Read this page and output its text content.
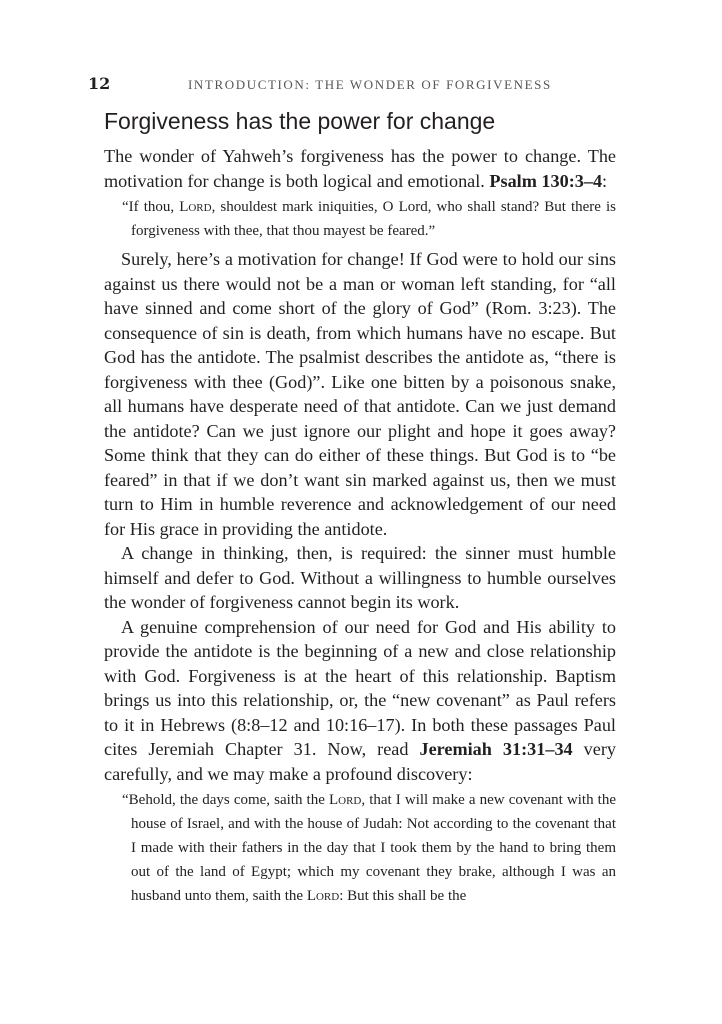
12	INTRODUCTION: THE WONDER OF FORGIVENESS
Forgiveness has the power for change

The wonder of Yahweh’s forgiveness has the power to change. The motivation for change is both logical and emotional. Psalm 130:3–4:

“If thou, Lord, shouldest mark iniquities, O Lord, who shall stand? But there is forgiveness with thee, that thou mayest be feared.”

Surely, here’s a motivation for change! If God were to hold our sins against us there would not be a man or woman left standing, for “all have sinned and come short of the glory of God” (Rom. 3:23). The consequence of sin is death, from which humans have no escape. But God has the antidote. The psalmist describes the antidote as, “there is forgiveness with thee (God)”. Like one bitten by a poisonous snake, all humans have desperate need of that antidote. Can we just demand the antidote? Can we just ignore our plight and hope it goes away? Some think that they can do either of these things. But God is to “be feared” in that if we don’t want sin marked against us, then we must turn to Him in humble reverence and acknowledgement of our need for His grace in providing the antidote.

A change in thinking, then, is required: the sinner must humble himself and defer to God. Without a willingness to humble ourselves the wonder of forgiveness cannot begin its work.

A genuine comprehension of our need for God and His ability to provide the antidote is the beginning of a new and close relationship with God. Forgiveness is at the heart of this relationship. Baptism brings us into this relationship, or, the “new covenant” as Paul refers to it in Hebrews (8:8–12 and 10:16–17). In both these passages Paul cites Jeremiah Chapter 31. Now, read Jeremiah 31:31–34 very carefully, and we may make a profound discovery:

“Behold, the days come, saith the Lord, that I will make a new covenant with the house of Israel, and with the house of Judah: Not according to the covenant that I made with their fathers in the day that I took them by the hand to bring them out of the land of Egypt; which my covenant they brake, although I was an husband unto them, saith the Lord: But this shall be the
